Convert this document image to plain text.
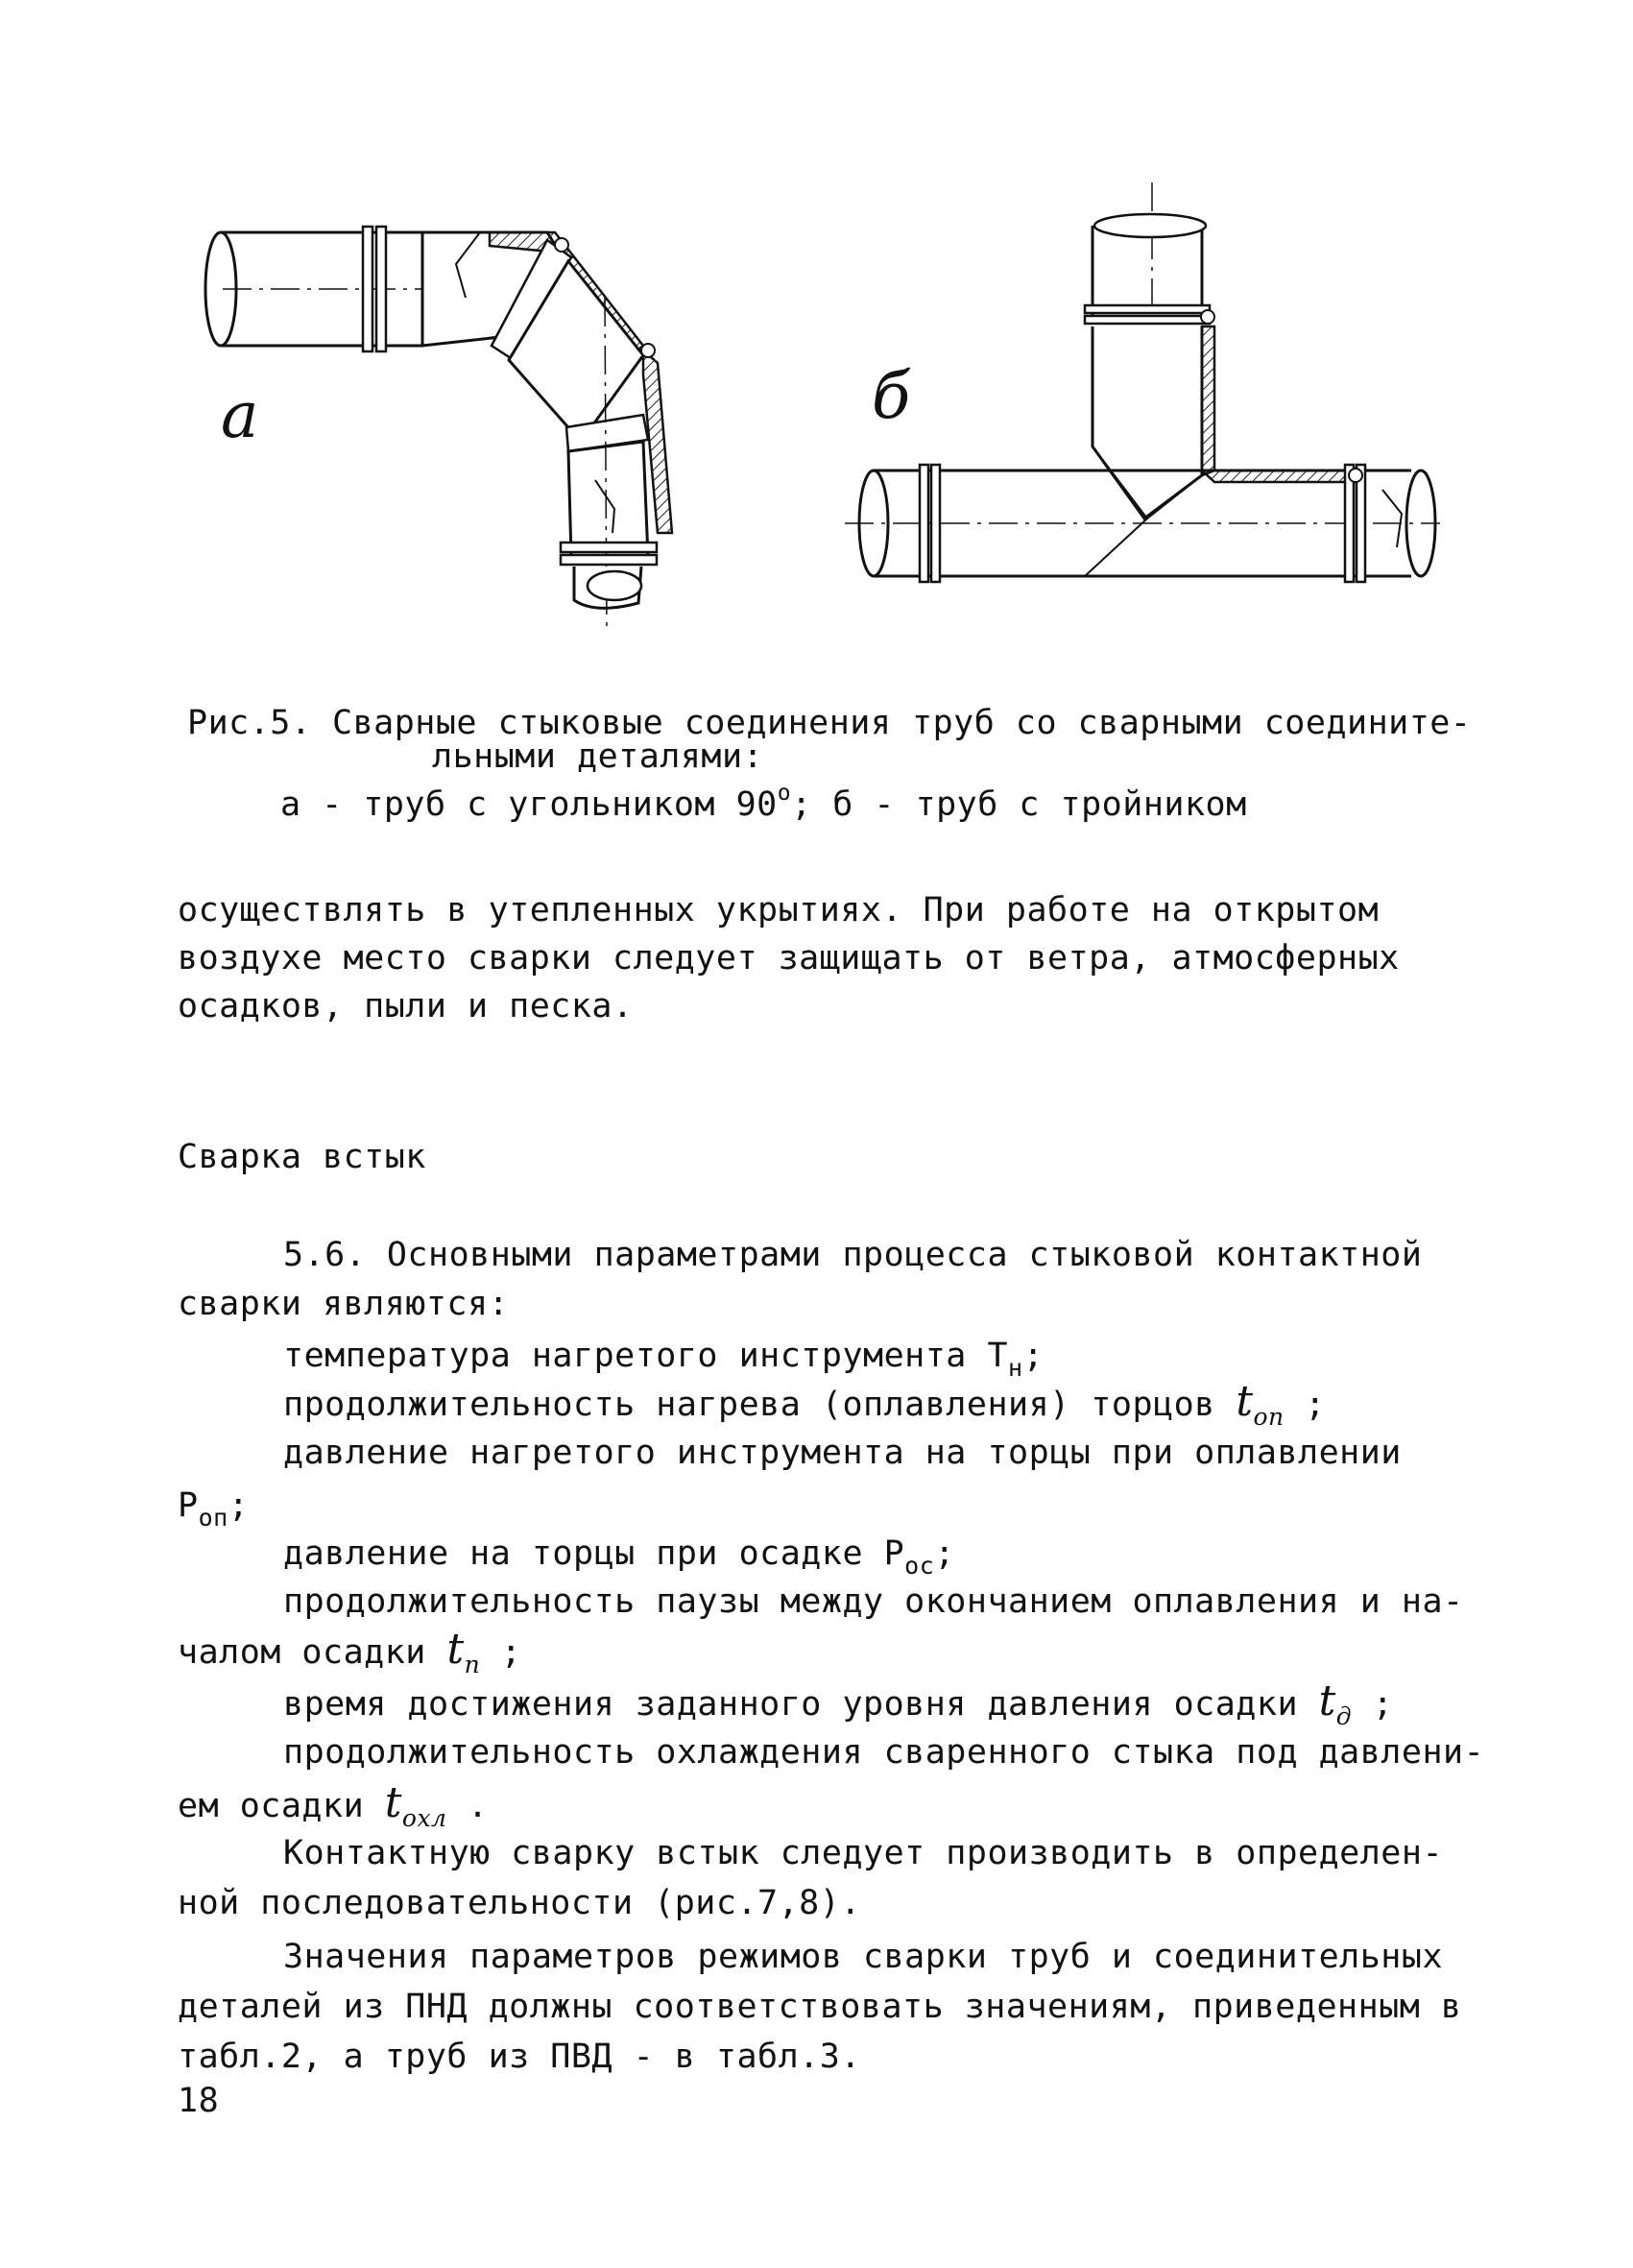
а	б
Рис.5. Сварные стыковые соединения труб со сварными соедините-
льными деталями:
а - труб с угольником $90^о$; б - труб с тройником
осуществлять в утепленных укрытиях. При работе на открытом
воздухе место сварки следует защищать от ветра, атмосферных
осадков, пыли и песка.
Сварка встык
5.6. Основными параметрами процесса стыковой контактной
сварки являются:
температура нагретого инструмента $Т_н$;
продолжительность нагрева (оплавления) торцов $t_{оп}$ ;
давление нагретого инструмента на торцы при оплавлении
$Р_{оп}$;
давление на торцы при осадке $Р_{ос}$;
продолжительность паузы между окончанием оплавления и на-
чалом осадки $t_п$ ;
время достижения заданного уровня давления осадки $t_д$ ;
продолжительность охлаждения сваренного стыка под давлени-
ем осадки $t_{охл}$ .
Контактную сварку встык следует производить в определен-
ной последовательности (рис.7,8).
Значения параметров режимов сварки труб и соединительных
деталей из ПНД должны соответствовать значениям, приведенным в
табл.2, а труб из ПВД - в табл.3.
18
